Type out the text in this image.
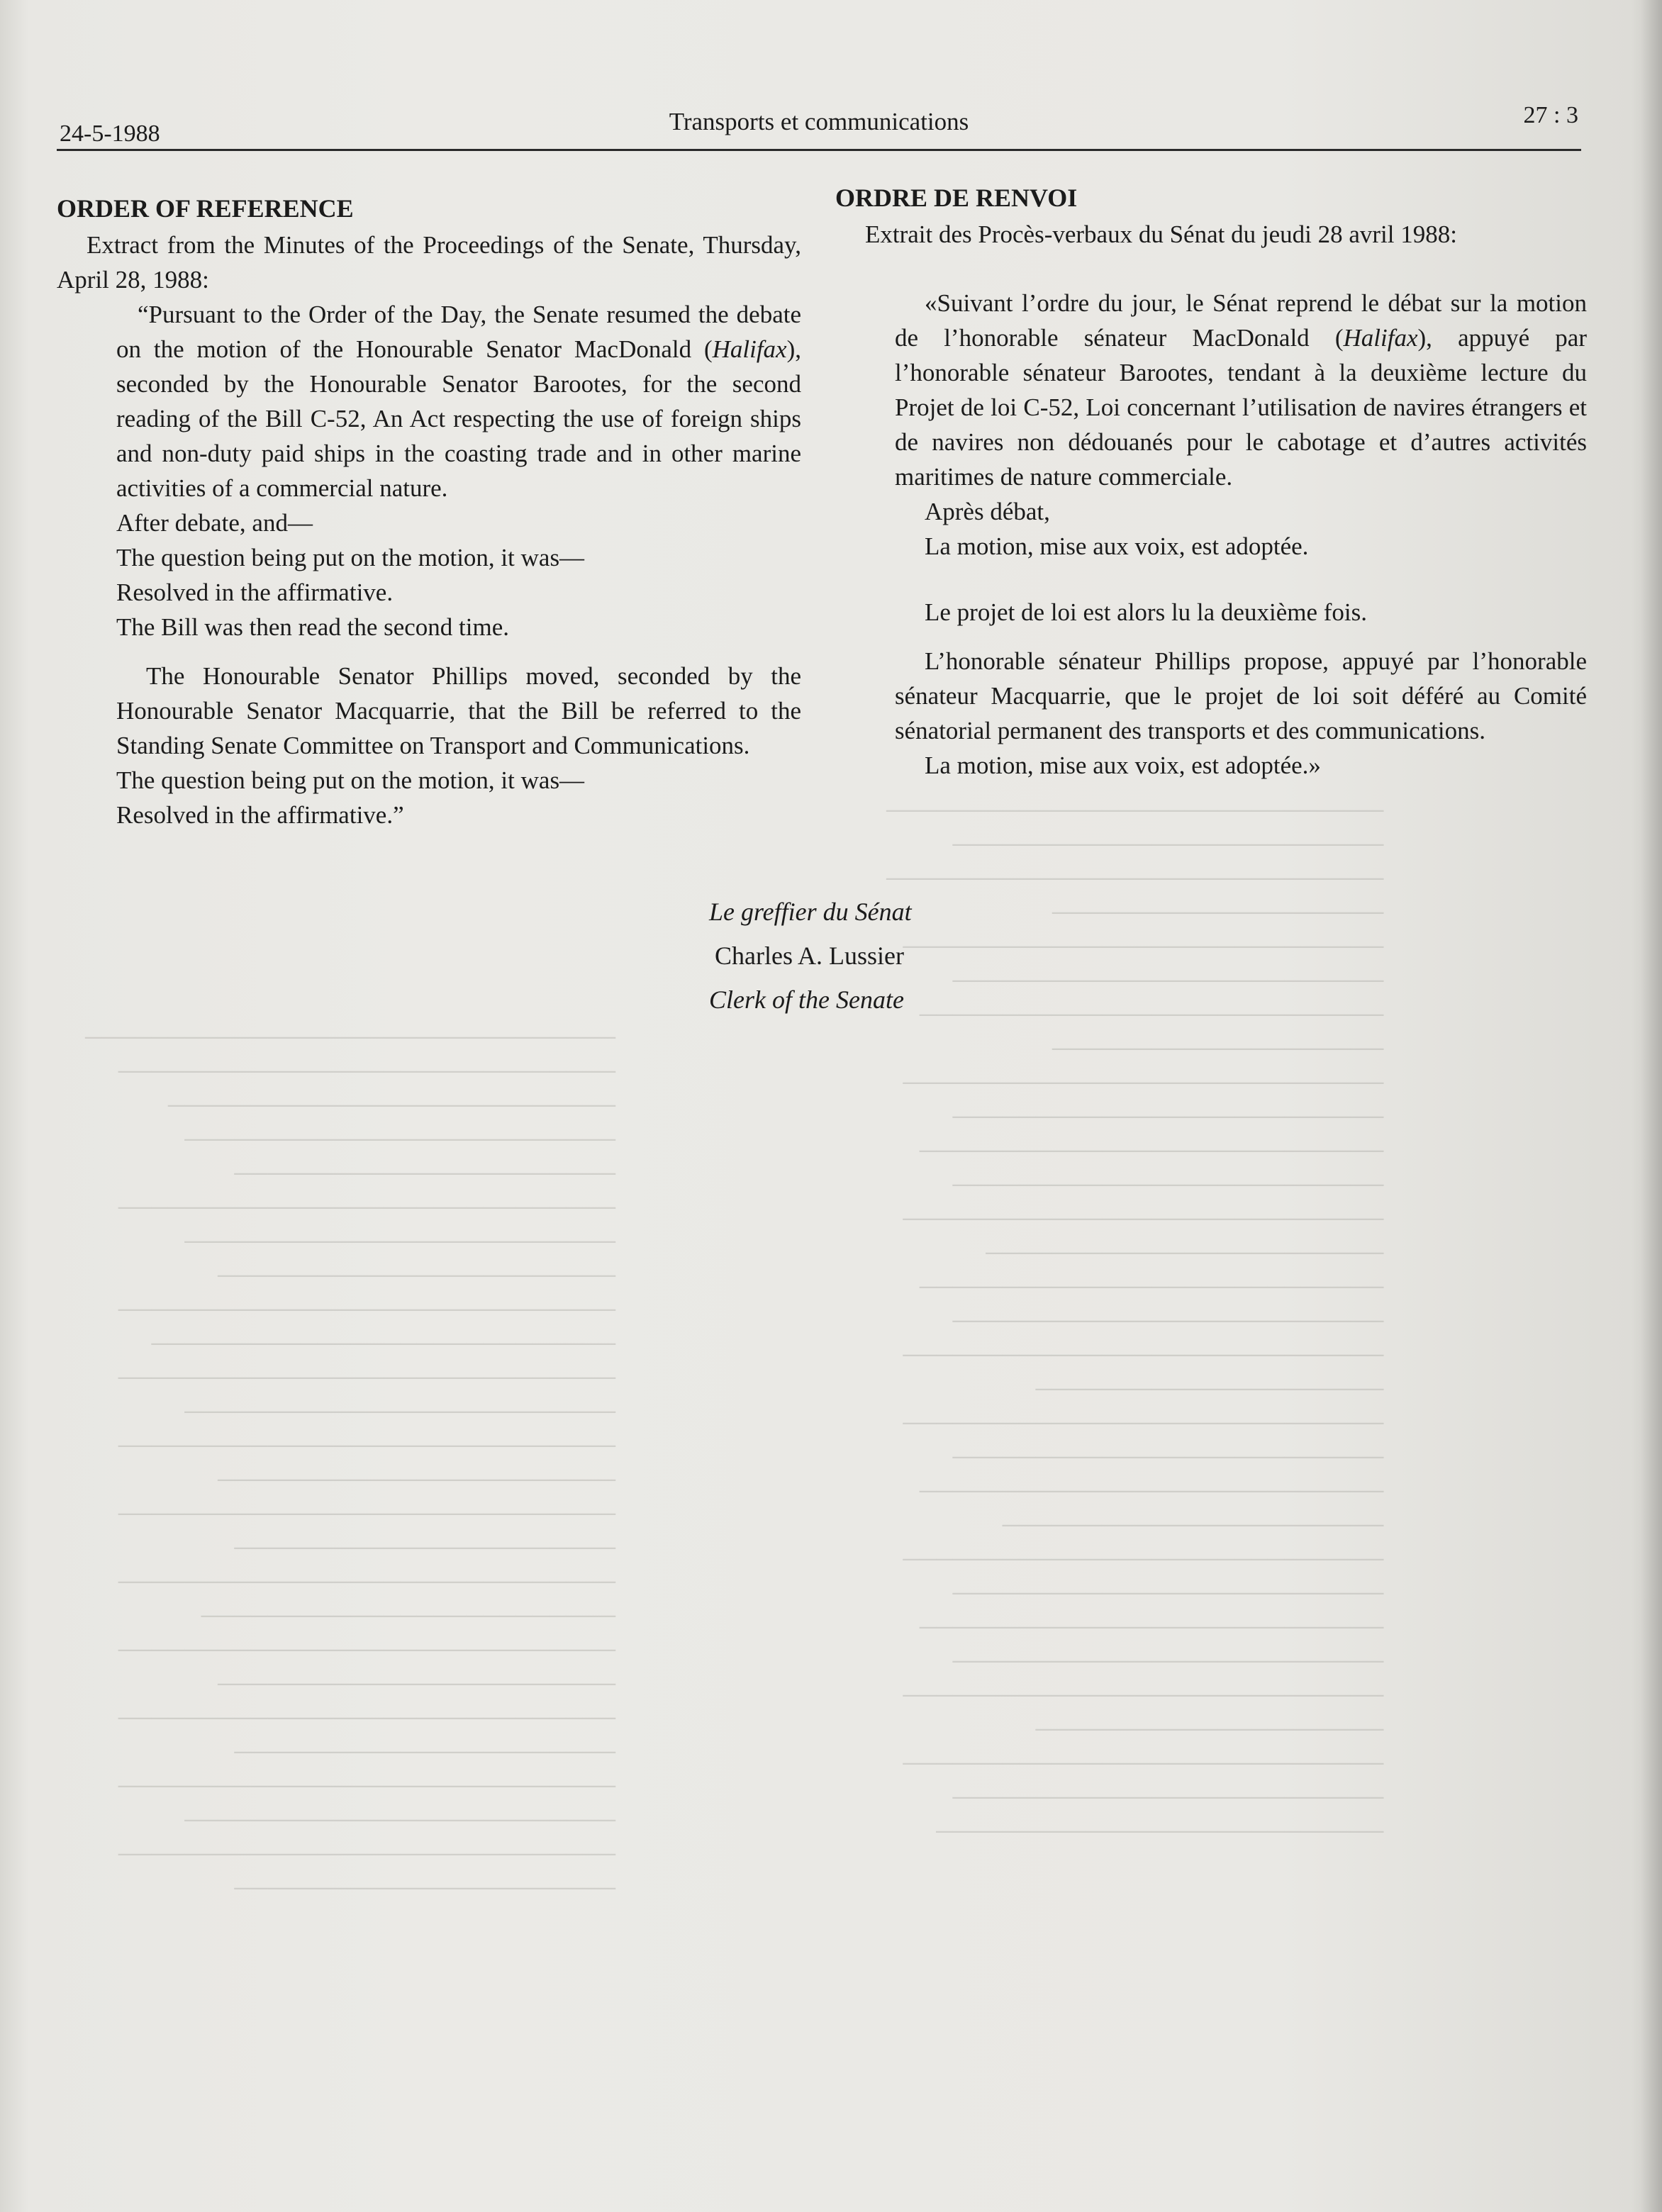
──────────────────────────────
──────────────────────────
──────────────────────────────
────────────────────
─────────────────────────────
──────────────────────────
────────────────────────────
────────────────────
─────────────────────────────
──────────────────────────
────────────────────────────
──────────────────────────
─────────────────────────────
────────────────────────
────────────────────────────
──────────────────────────
─────────────────────────────
─────────────────────
─────────────────────────────
──────────────────────────
────────────────────────────
───────────────────────
─────────────────────────────
──────────────────────────
────────────────────────────
──────────────────────────
─────────────────────────────
─────────────────────
─────────────────────────────
──────────────────────────
───────────────────────────
────────────────────────────────
──────────────────────────────
───────────────────────────
──────────────────────────
───────────────────────
──────────────────────────────
──────────────────────────
────────────────────────
──────────────────────────────
────────────────────────────
──────────────────────────────
──────────────────────────
──────────────────────────────
────────────────────────
──────────────────────────────
───────────────────────
──────────────────────────────
─────────────────────────
──────────────────────────────
────────────────────────
──────────────────────────────
───────────────────────
──────────────────────────────
──────────────────────────
──────────────────────────────
───────────────────────
24-5-1988	Transports et communications	27 : 3
ORDER OF REFERENCE

Extract from the Minutes of the Proceedings of the Senate, Thursday, April 28, 1988:

“Pursuant to the Order of the Day, the Senate resumed the debate on the motion of the Honourable Senator MacDonald (Halifax), seconded by the Honourable Senator Barootes, for the second reading of the Bill C-52, An Act respecting the use of foreign ships and non-duty paid ships in the coasting trade and in other marine activities of a commercial nature.

After debate, and—

The question being put on the motion, it was—

Resolved in the affirmative.

The Bill was then read the second time.

The Honourable Senator Phillips moved, seconded by the Honourable Senator Macquarrie, that the Bill be referred to the Standing Senate Committee on Transport and Communications.

The question being put on the motion, it was—

Resolved in the affirmative.”

ORDRE DE RENVOI

Extrait des Procès-verbaux du Sénat du jeudi 28 avril 1988:

«Suivant l’ordre du jour, le Sénat reprend le débat sur la motion de l’honorable sénateur MacDonald (Halifax), appuyé par l’honorable sénateur Barootes, tendant à la deuxième lecture du Projet de loi C-52, Loi concernant l’utilisation de navires étrangers et de navires non dédouanés pour le cabotage et d’autres activités maritimes de nature commerciale.

Après débat,

La motion, mise aux voix, est adoptée.

Le projet de loi est alors lu la deuxième fois.

L’honorable sénateur Phillips propose, appuyé par l’honorable sénateur Macquarrie, que le projet de loi soit déféré au Comité sénatorial permanent des transports et des communications.

La motion, mise aux voix, est adoptée.»

Le greffier du Sénat
Charles A. Lussier
Clerk of the Senate
